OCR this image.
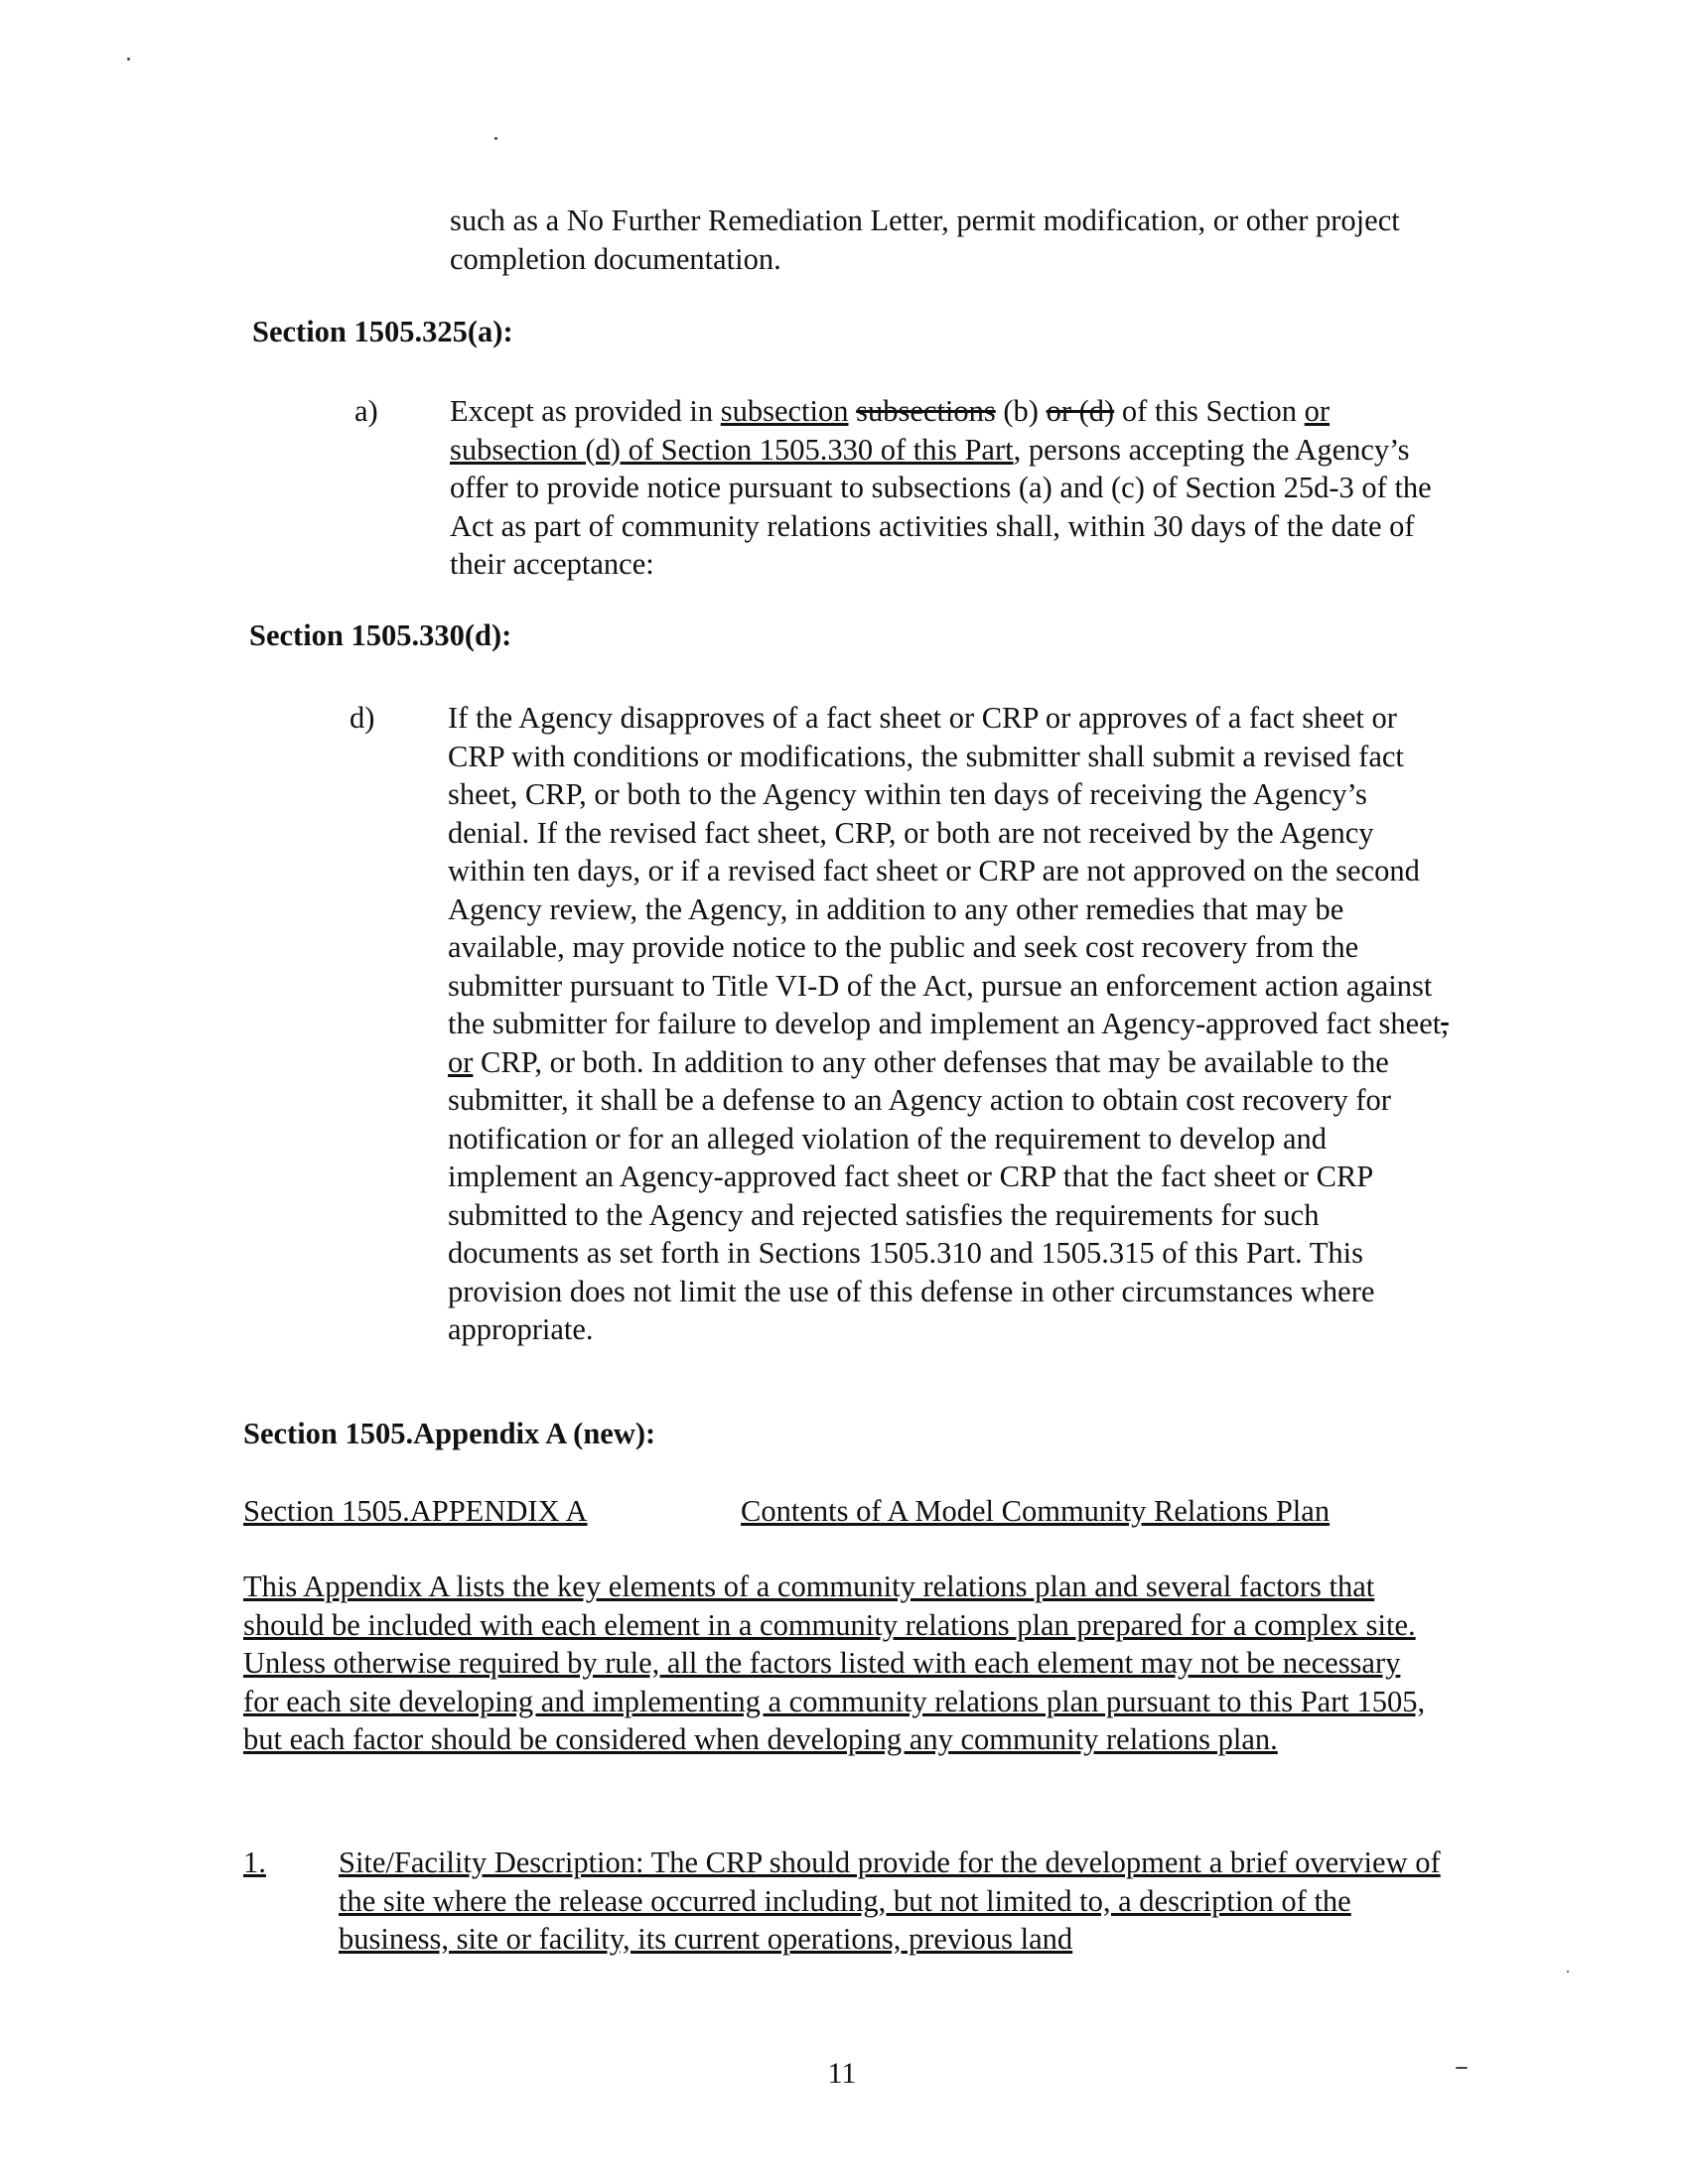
such as a No Further Remediation Letter, permit modification, or other project completion documentation.
Section 1505.325(a):
a) Except as provided in subsection subsections (b) or (d) of this Section or subsection (d) of Section 1505.330 of this Part, persons accepting the Agency’s offer to provide notice pursuant to subsections (a) and (c) of Section 25d-3 of the Act as part of community relations activities shall, within 30 days of the date of their acceptance:
Section 1505.330(d):
d) If the Agency disapproves of a fact sheet or CRP or approves of a fact sheet or CRP with conditions or modifications, the submitter shall submit a revised fact sheet, CRP, or both to the Agency within ten days of receiving the Agency’s denial. If the revised fact sheet, CRP, or both are not received by the Agency within ten days, or if a revised fact sheet or CRP are not approved on the second Agency review, the Agency, in addition to any other remedies that may be available, may provide notice to the public and seek cost recovery from the submitter pursuant to Title VI-D of the Act, pursue an enforcement action against the submitter for failure to develop and implement an Agency-approved fact sheet, or CRP, or both. In addition to any other defenses that may be available to the submitter, it shall be a defense to an Agency action to obtain cost recovery for notification or for an alleged violation of the requirement to develop and implement an Agency-approved fact sheet or CRP that the fact sheet or CRP submitted to the Agency and rejected satisfies the requirements for such documents as set forth in Sections 1505.310 and 1505.315 of this Part. This provision does not limit the use of this defense in other circumstances where appropriate.
Section 1505.Appendix A (new):
Section 1505.APPENDIX A	Contents of A Model Community Relations Plan
This Appendix A lists the key elements of a community relations plan and several factors that should be included with each element in a community relations plan prepared for a complex site. Unless otherwise required by rule, all the factors listed with each element may not be necessary for each site developing and implementing a community relations plan pursuant to this Part 1505, but each factor should be considered when developing any community relations plan.
1.	Site/Facility Description: The CRP should provide for the development a brief overview of the site where the release occurred including, but not limited to, a description of the business, site or facility, its current operations, previous land
11
